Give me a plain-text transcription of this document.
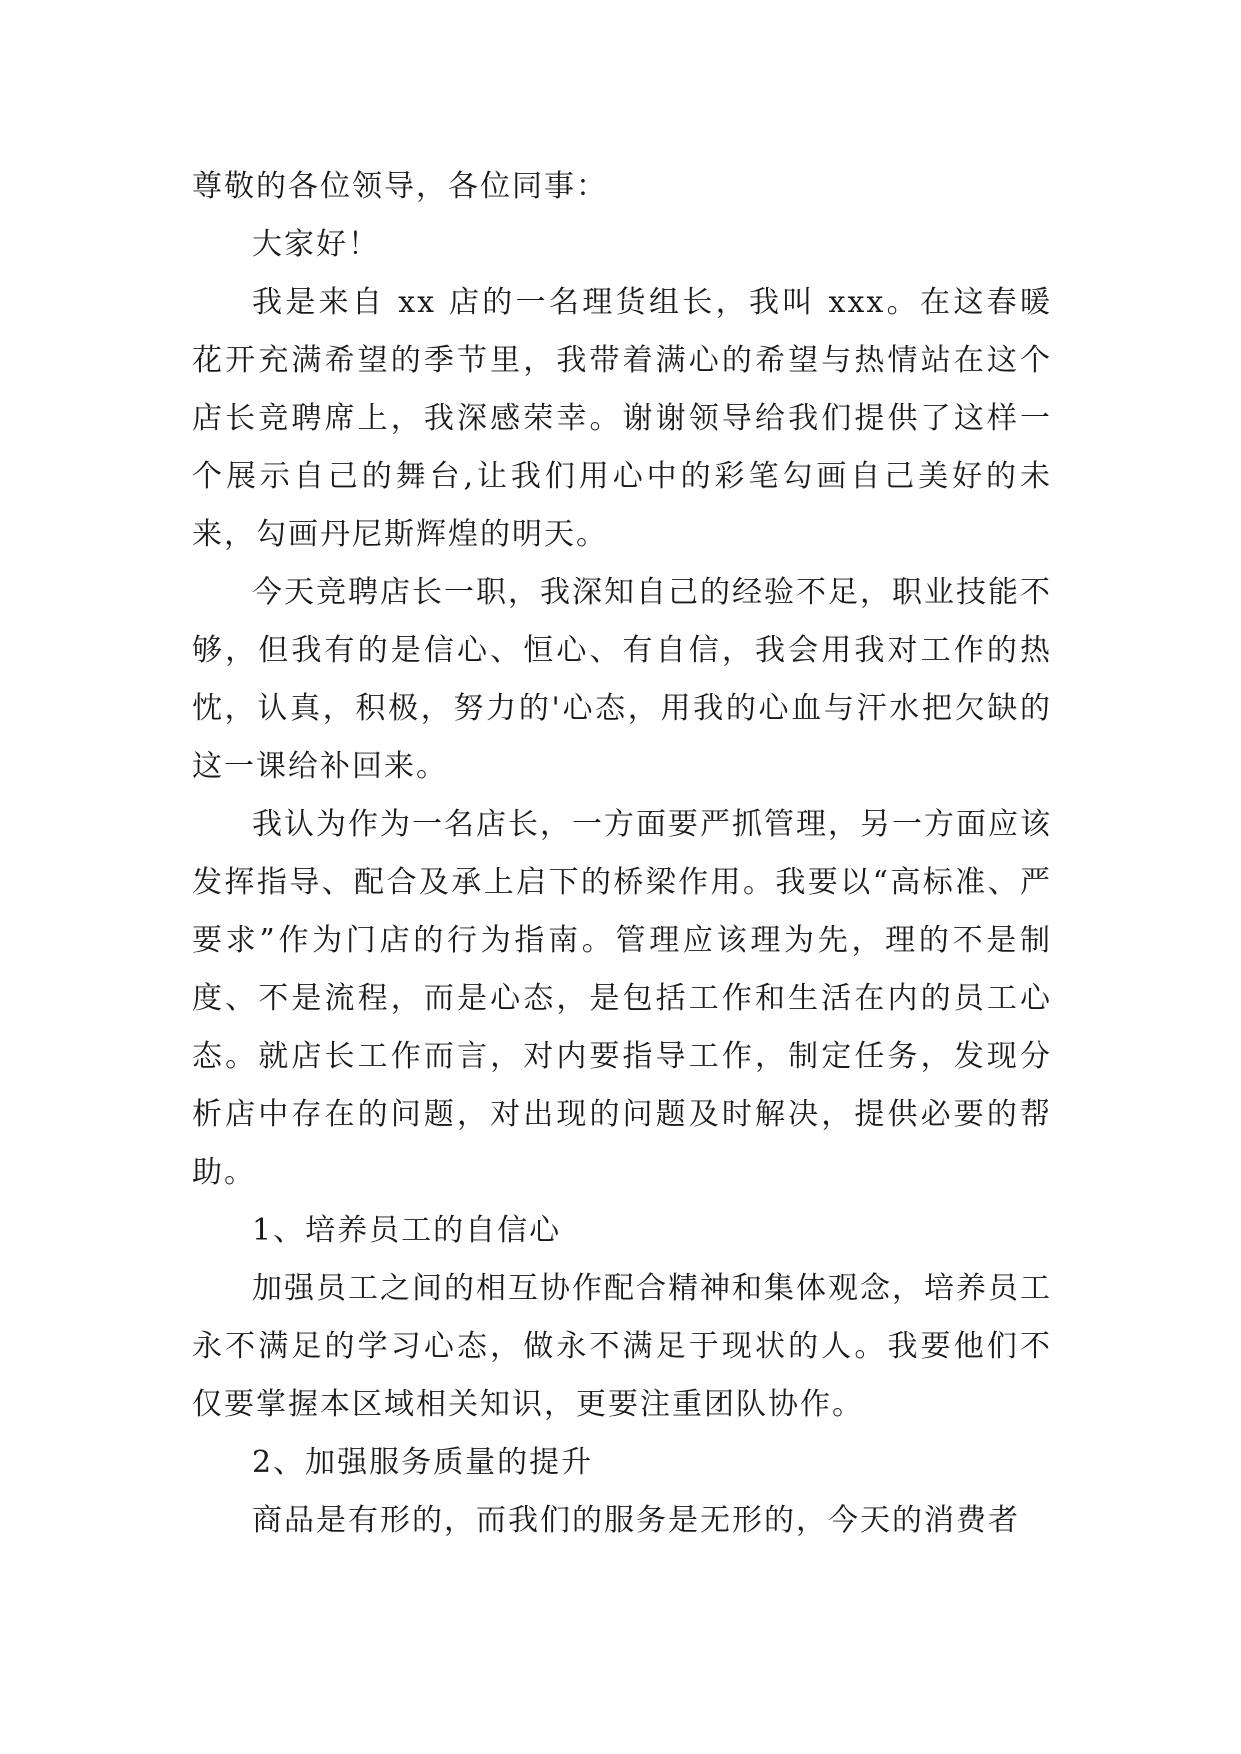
尊敬的各位领导，各位同事：

大家好！

我是来自 xx 店的一名理货组长，我叫 xxx。在这春暖花开充满希望的季节里，我带着满心的希望与热情站在这个店长竞聘席上，我深感荣幸。谢谢领导给我们提供了这样一个展示自己的舞台,让我们用心中的彩笔勾画自己美好的未来，勾画丹尼斯辉煌的明天。

今天竞聘店长一职，我深知自己的经验不足，职业技能不够，但我有的是信心、恒心、有自信，我会用我对工作的热忱，认真，积极，努力的'心态，用我的心血与汗水把欠缺的这一课给补回来。

我认为作为一名店长，一方面要严抓管理，另一方面应该发挥指导、配合及承上启下的桥梁作用。我要以“高标准、严要求”作为门店的行为指南。管理应该理为先，理的不是制度、不是流程，而是心态，是包括工作和生活在内的员工心态。就店长工作而言，对内要指导工作，制定任务，发现分析店中存在的问题，对出现的问题及时解决，提供必要的帮助。

1、培养员工的自信心

加强员工之间的相互协作配合精神和集体观念，培养员工永不满足的学习心态，做永不满足于现状的人。我要他们不仅要掌握本区域相关知识，更要注重团队协作。

2、加强服务质量的提升

商品是有形的，而我们的服务是无形的，今天的消费者
